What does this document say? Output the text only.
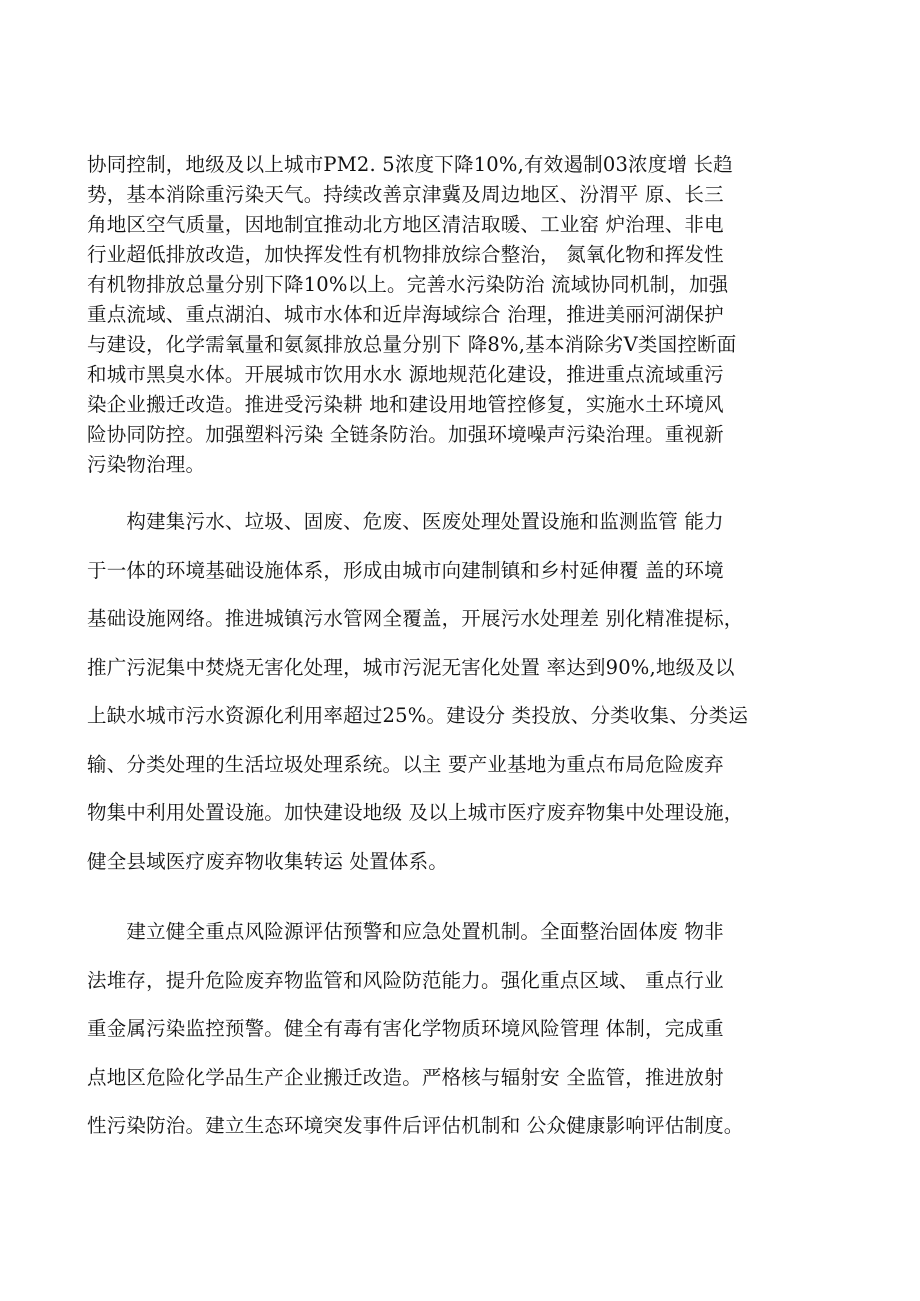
协同控制，地级及以上城市PM2. 5浓度下降10%,有效遏制03浓度增 长趋
势，基本消除重污染天气。持续改善京津冀及周边地区、汾渭平 原、长三
角地区空气质量，因地制宜推动北方地区清洁取暖、工业窑 炉治理、非电
行业超低排放改造，加快挥发性有机物排放综合整治， 氮氧化物和挥发性
有机物排放总量分别下降10%以上。完善水污染防治 流域协同机制，加强
重点流域、重点湖泊、城市水体和近岸海域综合 治理，推进美丽河湖保护
与建设，化学需氧量和氨氮排放总量分别下 降8%,基本消除劣V类国控断面
和城市黑臭水体。开展城市饮用水水 源地规范化建设，推进重点流域重污
染企业搬迁改造。推进受污染耕 地和建设用地管控修复，实施水土环境风
险协同防控。加强塑料污染 全链条防治。加强环境噪声污染治理。重视新
污染物治理。
　　构建集污水、垃圾、固废、危废、医废处理处置设施和监测监管 能力
于一体的环境基础设施体系，形成由城市向建制镇和乡村延伸覆 盖的环境
基础设施网络。推进城镇污水管网全覆盖，开展污水处理差 别化精准提标，
推广污泥集中焚烧无害化处理，城市污泥无害化处置 率达到90%,地级及以
上缺水城市污水资源化利用率超过25%。建设分 类投放、分类收集、分类运
输、分类处理的生活垃圾处理系统。以主 要产业基地为重点布局危险废弃
物集中利用处置设施。加快建设地级 及以上城市医疗废弃物集中处理设施，
健全县域医疗废弃物收集转运 处置体系。
　　建立健全重点风险源评估预警和应急处置机制。全面整治固体废 物非
法堆存，提升危险废弃物监管和风险防范能力。强化重点区域、 重点行业
重金属污染监控预警。健全有毒有害化学物质环境风险管理 体制，完成重
点地区危险化学品生产企业搬迁改造。严格核与辐射安 全监管，推进放射
性污染防治。建立生态环境突发事件后评估机制和 公众健康影响评估制度。
